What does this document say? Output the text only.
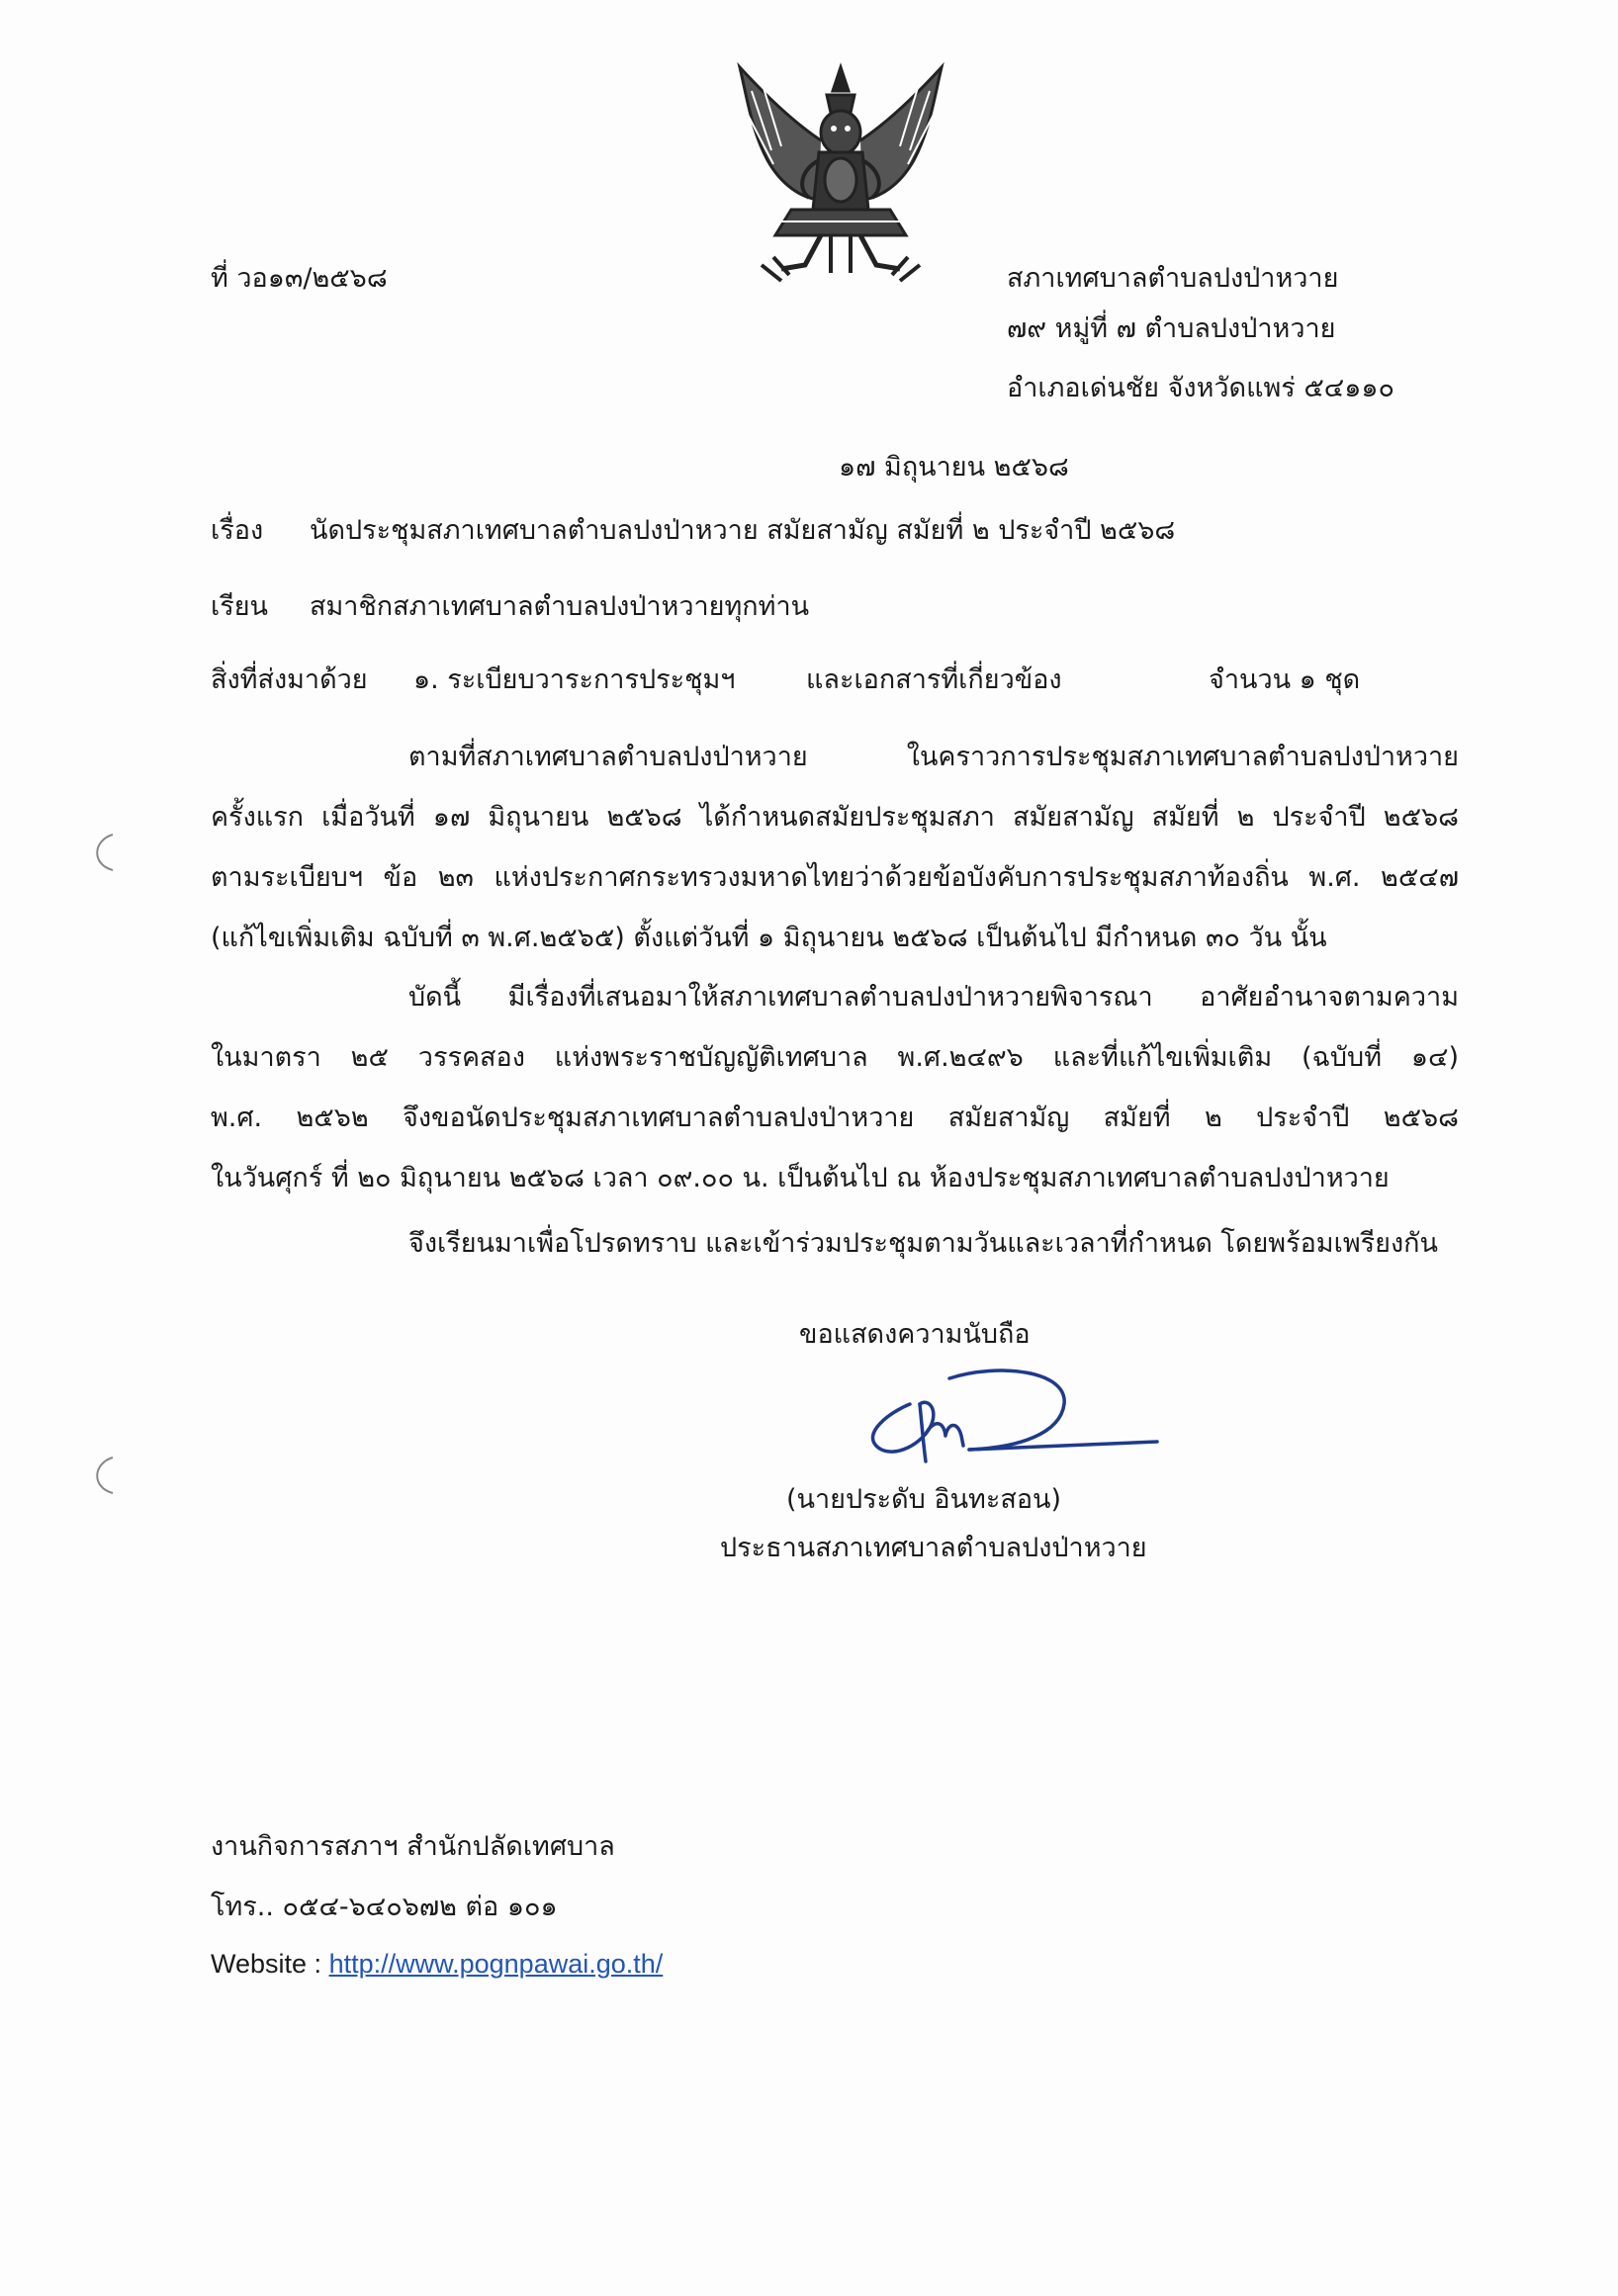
ที่ วอ๑๓/๒๕๖๘	สภาเทศบาลตำบลปงป่าหวาย
๗๙ หมู่ที่ ๗ ตำบลปงป่าหวาย
อำเภอเด่นชัย จังหวัดแพร่ ๕๔๑๑๐
๑๗ มิถุนายน ๒๕๖๘
เรื่อง นัดประชุมสภาเทศบาลตำบลปงป่าหวาย สมัยสามัญ สมัยที่ ๒ ประจำปี ๒๕๖๘
เรียน สมาชิกสภาเทศบาลตำบลปงป่าหวายทุกท่าน
สิ่งที่ส่งมาด้วย ๑. ระเบียบวาระการประชุมฯ	และเอกสารที่เกี่ยวข้อง	จำนวน ๑ ชุด
ตามที่สภาเทศบาลตำบลปงป่าหวาย ในคราวการประชุมสภาเทศบาลตำบลปงป่าหวาย
ครั้งแรก เมื่อวันที่ ๑๗ มิถุนายน ๒๕๖๘ ได้กำหนดสมัยประชุมสภา สมัยสามัญ สมัยที่ ๒ ประจำปี ๒๕๖๘
ตามระเบียบฯ ข้อ ๒๓ แห่งประกาศกระทรวงมหาดไทยว่าด้วยข้อบังคับการประชุมสภาท้องถิ่น พ.ศ. ๒๕๔๗
(แก้ไขเพิ่มเติม ฉบับที่ ๓ พ.ศ.๒๕๖๕) ตั้งแต่วันที่ ๑ มิถุนายน ๒๕๖๘ เป็นต้นไป มีกำหนด ๓๐ วัน นั้น
บัดนี้ มีเรื่องที่เสนอมาให้สภาเทศบาลตำบลปงป่าหวายพิจารณา อาศัยอำนาจตามความ
ในมาตรา ๒๕ วรรคสอง แห่งพระราชบัญญัติเทศบาล พ.ศ.๒๔๙๖ และที่แก้ไขเพิ่มเติม (ฉบับที่ ๑๔)
พ.ศ. ๒๕๖๒ จึงขอนัดประชุมสภาเทศบาลตำบลปงป่าหวาย สมัยสามัญ สมัยที่ ๒ ประจำปี ๒๕๖๘
ในวันศุกร์ ที่ ๒๐ มิถุนายน ๒๕๖๘ เวลา ๐๙.๐๐ น. เป็นต้นไป ณ ห้องประชุมสภาเทศบาลตำบลปงป่าหวาย
จึงเรียนมาเพื่อโปรดทราบ และเข้าร่วมประชุมตามวันและเวลาที่กำหนด โดยพร้อมเพรียงกัน
ขอแสดงความนับถือ
(นายประดับ อินทะสอน)
ประธานสภาเทศบาลตำบลปงป่าหวาย
งานกิจการสภาฯ สำนักปลัดเทศบาล
โทร.. ๐๕๔-๖๔๐๖๗๒ ต่อ ๑๐๑
Website : http://www.pognpawai.go.th/
